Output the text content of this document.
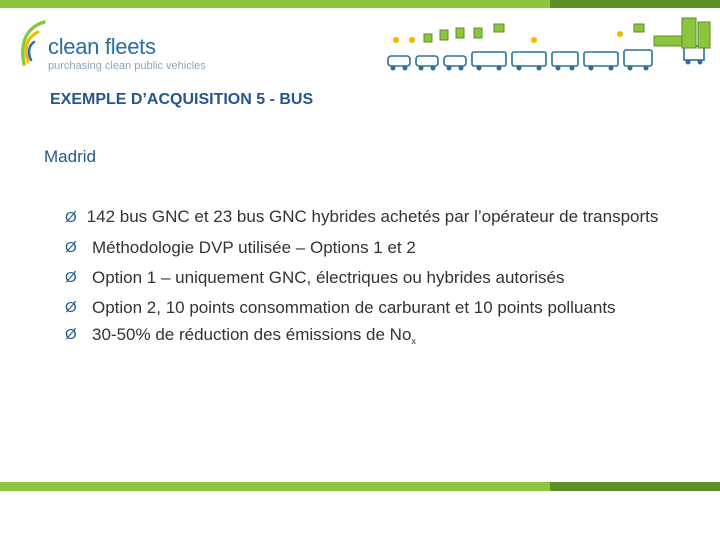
clean fleets
purchasing clean public vehicles
EXEMPLE D’ACQUISITION 5 - BUS
Madrid
Ø 142 bus GNC et 23 bus GNC hybrides achetés par l’opérateur de transports
Ø Méthodologie DVP utilisée – Options 1 et 2
Ø Option 1 – uniquement GNC, électriques ou hybrides autorisés
Ø Option 2, 10 points consommation de carburant et 10 points polluants
Ø 30-50% de réduction des émissions de $No_x$
